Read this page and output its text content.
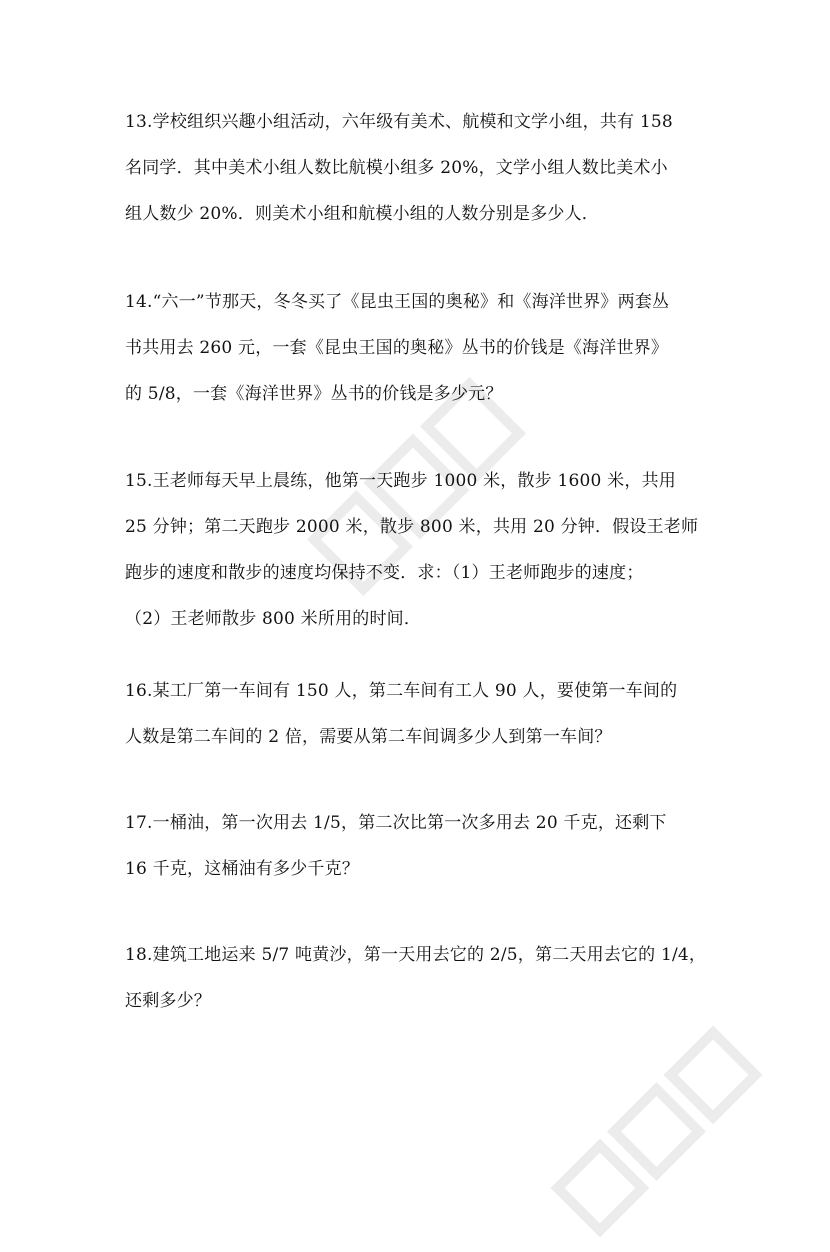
13.学校组织兴趣小组活动，六年级有美术、航模和文学小组，共有 158
名同学．其中美术小组人数比航模小组多 20%，文学小组人数比美术小
组人数少 20%．则美术小组和航模小组的人数分别是多少人．
14.“六一”节那天，冬冬买了《昆虫王国的奥秘》和《海洋世界》两套丛
书共用去 260 元，一套《昆虫王国的奥秘》丛书的价钱是《海洋世界》
的 5/8，一套《海洋世界》丛书的价钱是多少元？
15.王老师每天早上晨练，他第一天跑步 1000 米，散步 1600 米，共用
25 分钟；第二天跑步 2000 米，散步 800 米，共用 20 分钟．假设王老师
跑步的速度和散步的速度均保持不变．求：（1）王老师跑步的速度；
（2）王老师散步 800 米所用的时间．
16.某工厂第一车间有 150 人，第二车间有工人 90 人，要使第一车间的
人数是第二车间的 2 倍，需要从第二车间调多少人到第一车间？
17.一桶油，第一次用去 1/5，第二次比第一次多用去 20 千克，还剩下
16 千克，这桶油有多少千克？
18.建筑工地运来 5/7 吨黄沙，第一天用去它的 2/5，第二天用去它的 1/4，
还剩多少？
